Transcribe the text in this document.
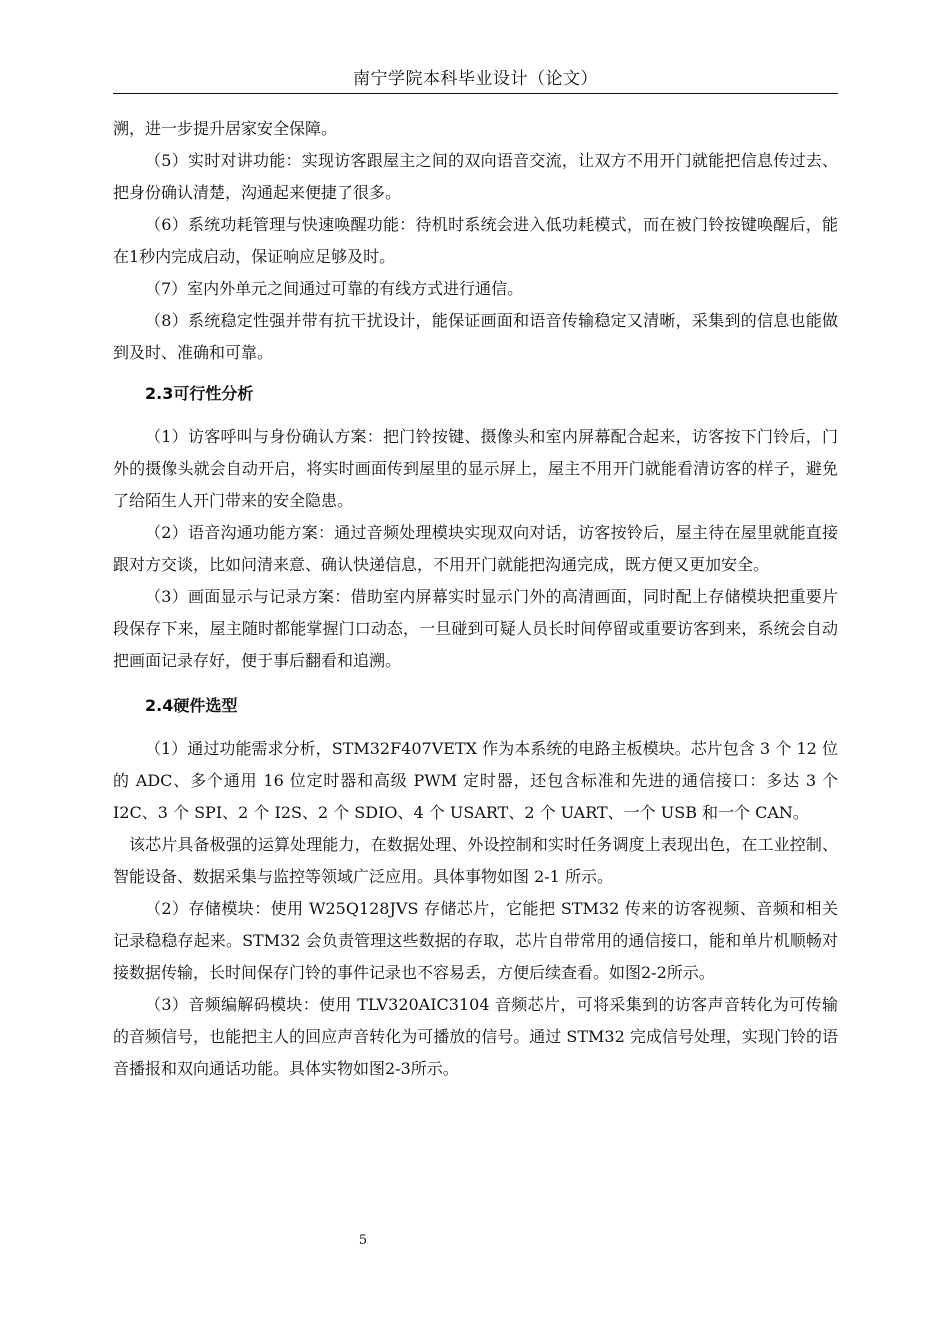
南宁学院本科毕业设计（论文）

溯，进一步提升居家安全保障。

（5）实时对讲功能：实现访客跟屋主之间的双向语音交流，让双方不用开门就能把信息传过去、把身份确认清楚，沟通起来便捷了很多。

（6）系统功耗管理与快速唤醒功能：待机时系统会进入低功耗模式，而在被门铃按键唤醒后，能在1秒内完成启动，保证响应足够及时。

（7）室内外单元之间通过可靠的有线方式进行通信。

（8）系统稳定性强并带有抗干扰设计，能保证画面和语音传输稳定又清晰，采集到的信息也能做到及时、准确和可靠。

2.3可行性分析

（1）访客呼叫与身份确认方案：把门铃按键、摄像头和室内屏幕配合起来，访客按下门铃后，门外的摄像头就会自动开启，将实时画面传到屋里的显示屏上，屋主不用开门就能看清访客的样子，避免了给陌生人开门带来的安全隐患。

（2）语音沟通功能方案：通过音频处理模块实现双向对话，访客按铃后，屋主待在屋里就能直接跟对方交谈，比如问清来意、确认快递信息，不用开门就能把沟通完成，既方便又更加安全。

（3）画面显示与记录方案：借助室内屏幕实时显示门外的高清画面，同时配上存储模块把重要片段保存下来，屋主随时都能掌握门口动态，一旦碰到可疑人员长时间停留或重要访客到来，系统会自动把画面记录存好，便于事后翻看和追溯。

2.4硬件选型

（1）通过功能需求分析，STM32F407VETX 作为本系统的电路主板模块。芯片包含 3 个 12 位的 ADC、多个通用 16 位定时器和高级 PWM 定时器，还包含标准和先进的通信接口：多达 3 个 I2C、3 个 SPI、2 个 I2S、2 个 SDIO、4 个 USART、2 个 UART、一个 USB 和一个 CAN。

该芯片具备极强的运算处理能力，在数据处理、外设控制和实时任务调度上表现出色，在工业控制、智能设备、数据采集与监控等领域广泛应用。具体事物如图 2-1 所示。

（2）存储模块：使用 W25Q128JVS 存储芯片，它能把 STM32 传来的访客视频、音频和相关记录稳稳存起来。STM32 会负责管理这些数据的存取，芯片自带常用的通信接口，能和单片机顺畅对接数据传输，长时间保存门铃的事件记录也不容易丢，方便后续查看。如图2-2所示。

（3）音频编解码模块：使用 TLV320AIC3104 音频芯片，可将采集到的访客声音转化为可传输的音频信号，也能把主人的回应声音转化为可播放的信号。通过 STM32 完成信号处理，实现门铃的语音播报和双向通话功能。具体实物如图2-3所示。

5
